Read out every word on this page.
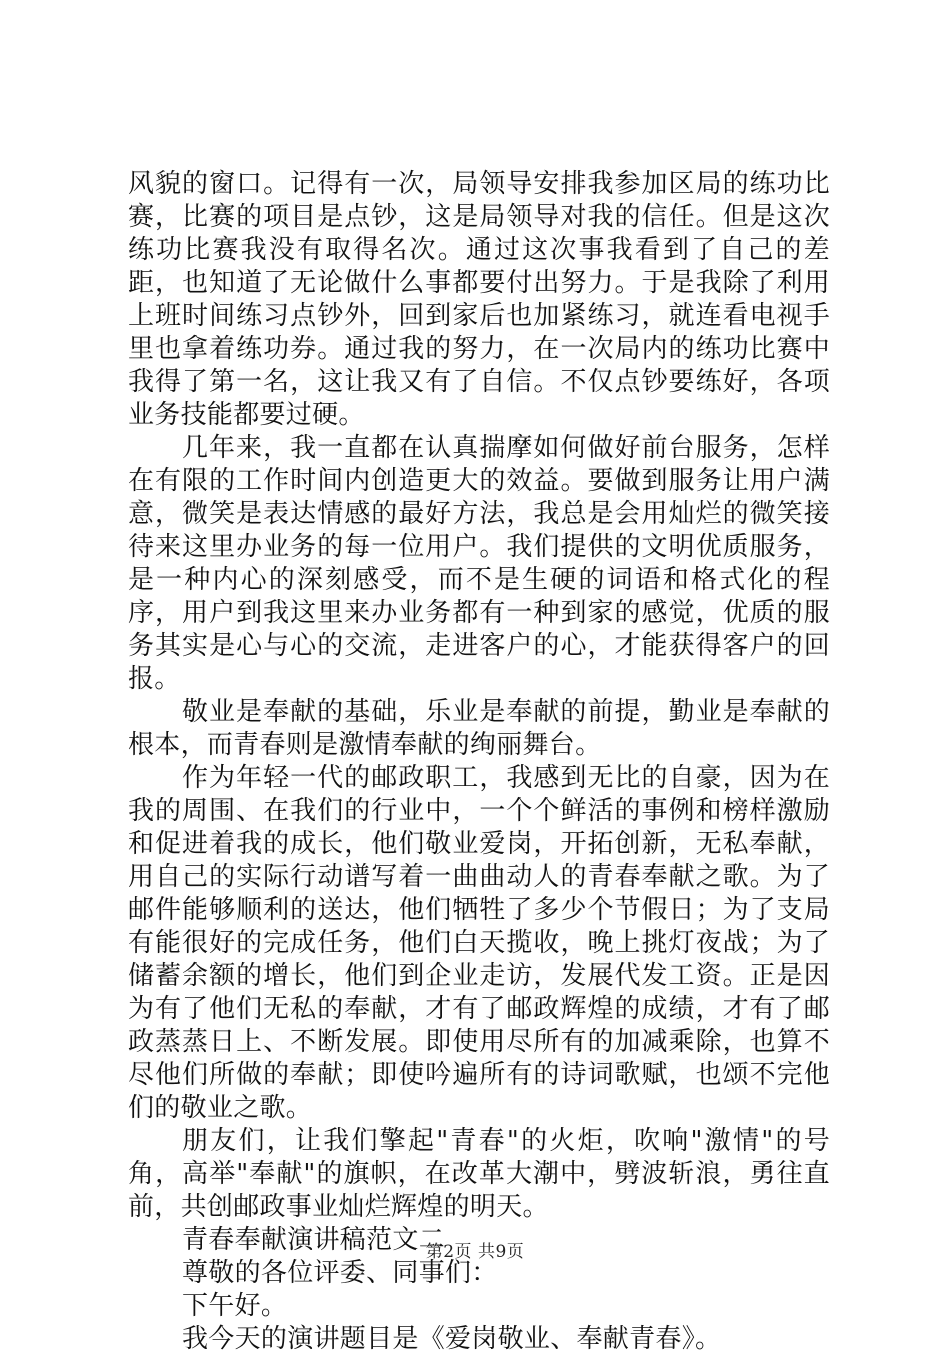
风貌的窗口。记得有一次，局领导安排我参加区局的练功比赛，比赛的项目是点钞，这是局领导对我的信任。但是这次练功比赛我没有取得名次。通过这次事我看到了自己的差距，也知道了无论做什么事都要付出努力。于是我除了利用上班时间练习点钞外，回到家后也加紧练习，就连看电视手里也拿着练功券。通过我的努力，在一次局内的练功比赛中我得了第一名，这让我又有了自信。不仅点钞要练好，各项业务技能都要过硬。

几年来，我一直都在认真揣摩如何做好前台服务，怎样在有限的工作时间内创造更大的效益。要做到服务让用户满意，微笑是表达情感的最好方法，我总是会用灿烂的微笑接待来这里办业务的每一位用户。我们提供的文明优质服务，是一种内心的深刻感受，而不是生硬的词语和格式化的程序，用户到我这里来办业务都有一种到家的感觉，优质的服务其实是心与心的交流，走进客户的心，才能获得客户的回报。

敬业是奉献的基础，乐业是奉献的前提，勤业是奉献的根本，而青春则是激情奉献的绚丽舞台。

作为年轻一代的邮政职工，我感到无比的自豪，因为在我的周围、在我们的行业中，一个个鲜活的事例和榜样激励和促进着我的成长，他们敬业爱岗，开拓创新，无私奉献，用自己的实际行动谱写着一曲曲动人的青春奉献之歌。为了邮件能够顺利的送达，他们牺牲了多少个节假日；为了支局有能很好的完成任务，他们白天揽收，晚上挑灯夜战；为了储蓄余额的增长，他们到企业走访，发展代发工资。正是因为有了他们无私的奉献，才有了邮政辉煌的成绩，才有了邮政蒸蒸日上、不断发展。即使用尽所有的加减乘除，也算不尽他们所做的奉献；即使吟遍所有的诗词歌赋，也颂不完他们的敬业之歌。

朋友们，让我们擎起"青春"的火炬，吹响"激情"的号角，高举"奉献"的旗帜，在改革大潮中，劈波斩浪，勇往直前，共创邮政事业灿烂辉煌的明天。

青春奉献演讲稿范文二

尊敬的各位评委、同事们：

下午好。

我今天的演讲题目是《爱岗敬业、奉献青春》。

第2页 共9页
